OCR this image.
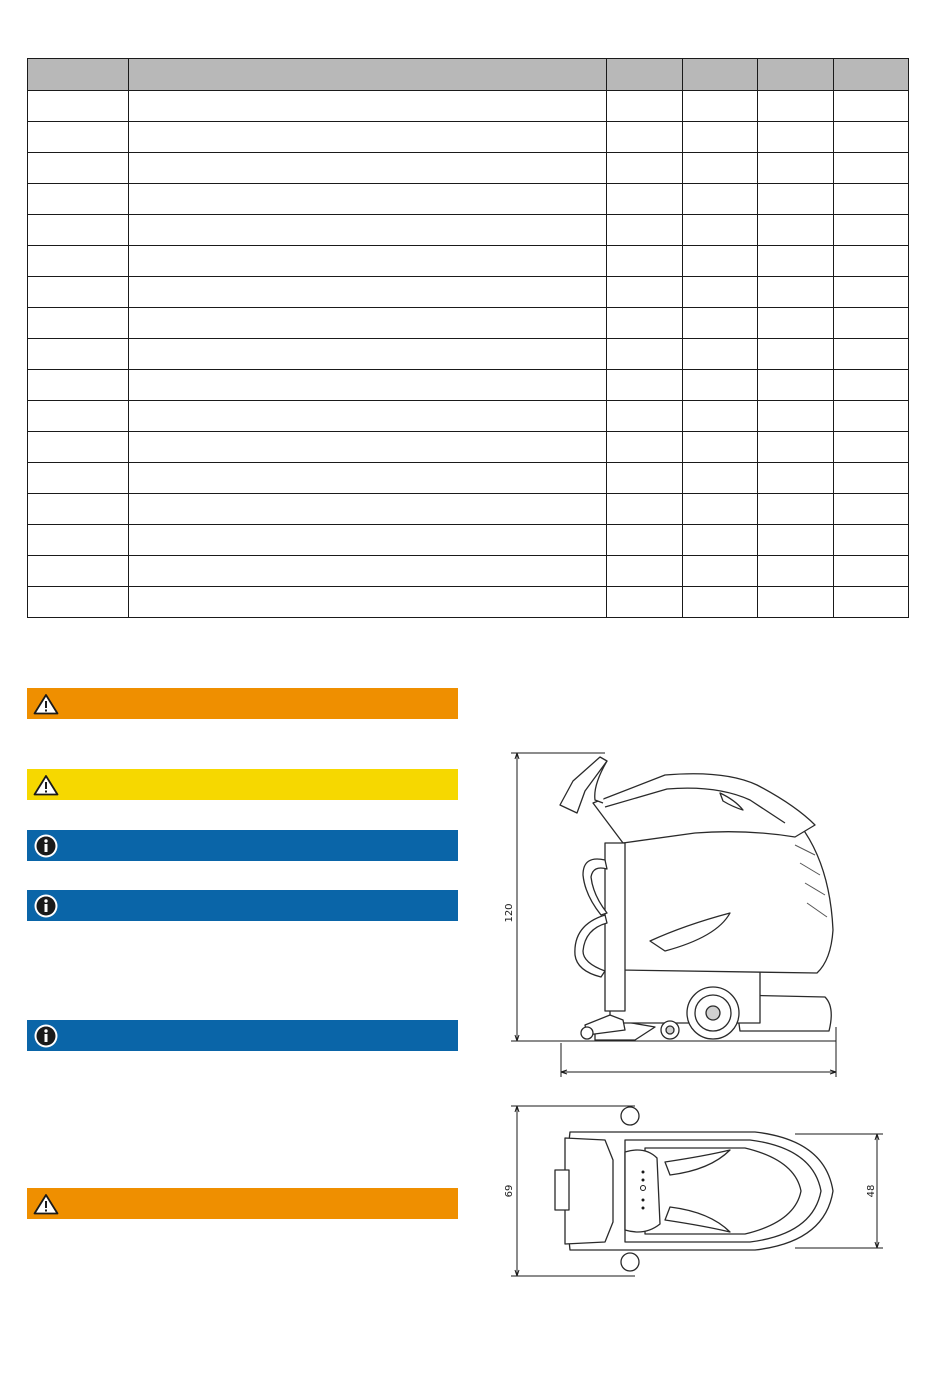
120
69	48
